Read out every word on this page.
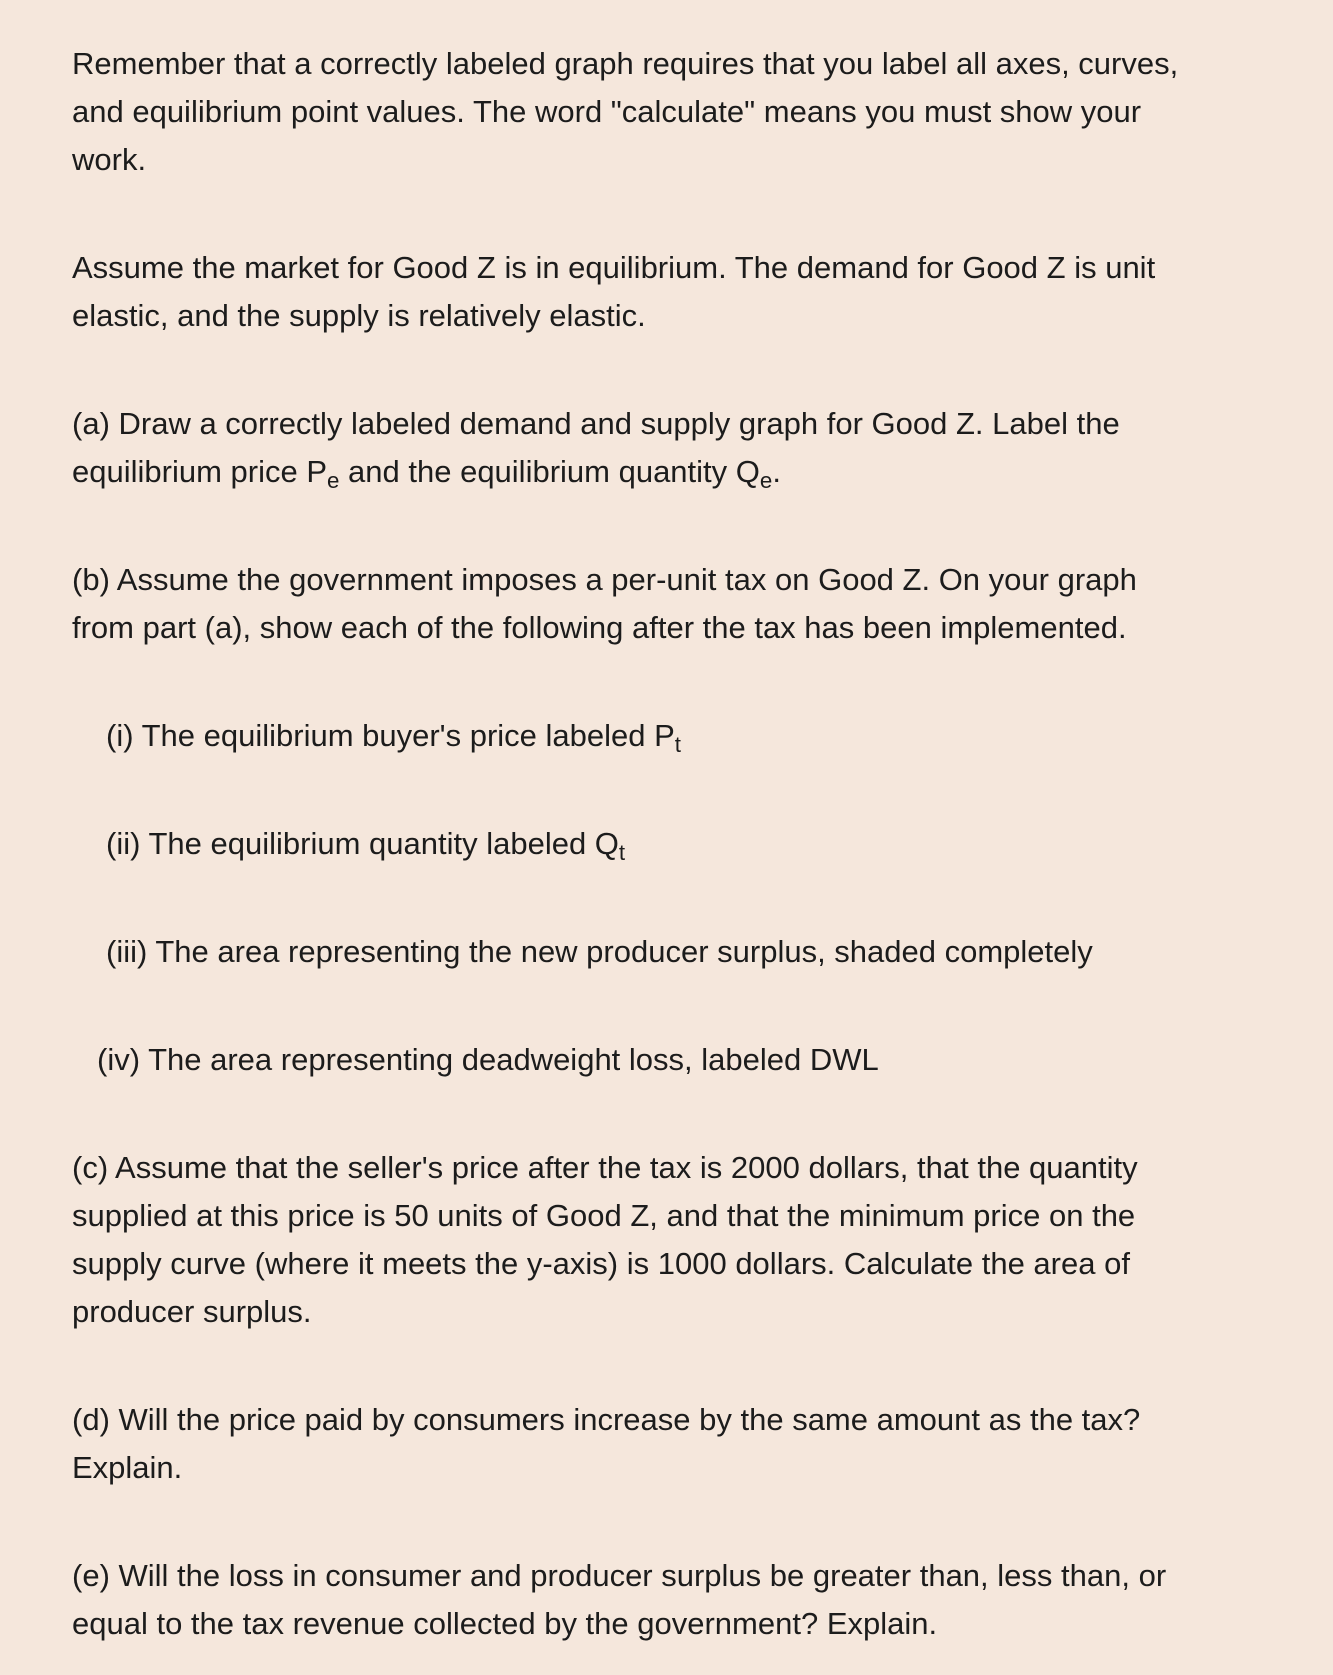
Remember that a correctly labeled graph requires that you label all axes, curves,
and equilibrium point values. The word "calculate" means you must show your
work.

Assume the market for Good Z is in equilibrium. The demand for Good Z is unit
elastic, and the supply is relatively elastic.

(a) Draw a correctly labeled demand and supply graph for Good Z. Label the
equilibrium price $P_e$ and the equilibrium quantity $Q_e$.

(b) Assume the government imposes a per-unit tax on Good Z. On your graph
from part (a), show each of the following after the tax has been implemented.

(i) The equilibrium buyer's price labeled $P_t$

(ii) The equilibrium quantity labeled $Q_t$

(iii) The area representing the new producer surplus, shaded completely

(iv) The area representing deadweight loss, labeled DWL

(c) Assume that the seller's price after the tax is 2000 dollars, that the quantity
supplied at this price is 50 units of Good Z, and that the minimum price on the
supply curve (where it meets the y-axis) is 1000 dollars. Calculate the area of
producer surplus.

(d) Will the price paid by consumers increase by the same amount as the tax?
Explain.

(e) Will the loss in consumer and producer surplus be greater than, less than, or
equal to the tax revenue collected by the government? Explain.
